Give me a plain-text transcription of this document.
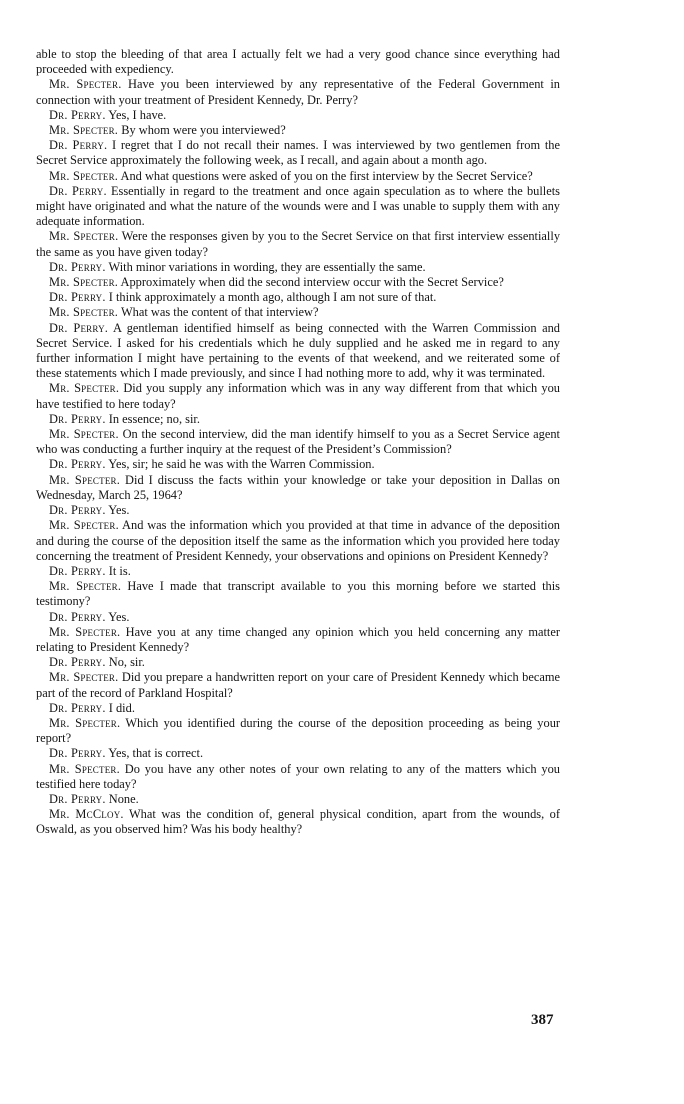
able to stop the bleeding of that area I actually felt we had a very good chance since everything had proceeded with expediency.

Mr. Specter. Have you been interviewed by any representative of the Federal Government in connection with your treatment of President Kennedy, Dr. Perry?

Dr. Perry. Yes, I have.

Mr. Specter. By whom were you interviewed?

Dr. Perry. I regret that I do not recall their names. I was interviewed by two gentlemen from the Secret Service approximately the following week, as I recall, and again about a month ago.

Mr. Specter. And what questions were asked of you on the first interview by the Secret Service?

Dr. Perry. Essentially in regard to the treatment and once again speculation as to where the bullets might have originated and what the nature of the wounds were and I was unable to supply them with any adequate information.

Mr. Specter. Were the responses given by you to the Secret Service on that first interview essentially the same as you have given today?

Dr. Perry. With minor variations in wording, they are essentially the same.

Mr. Specter. Approximately when did the second interview occur with the Secret Service?

Dr. Perry. I think approximately a month ago, although I am not sure of that.

Mr. Specter. What was the content of that interview?

Dr. Perry. A gentleman identified himself as being connected with the Warren Commission and Secret Service. I asked for his credentials which he duly supplied and he asked me in regard to any further information I might have pertaining to the events of that weekend, and we reiterated some of these statements which I made previously, and since I had nothing more to add, why it was terminated.

Mr. Specter. Did you supply any information which was in any way different from that which you have testified to here today?

Dr. Perry. In essence; no, sir.

Mr. Specter. On the second interview, did the man identify himself to you as a Secret Service agent who was conducting a further inquiry at the request of the President’s Commission?

Dr. Perry. Yes, sir; he said he was with the Warren Commission.

Mr. Specter. Did I discuss the facts within your knowledge or take your deposition in Dallas on Wednesday, March 25, 1964?

Dr. Perry. Yes.

Mr. Specter. And was the information which you provided at that time in advance of the deposition and during the course of the deposition itself the same as the information which you provided here today concerning the treatment of President Kennedy, your observations and opinions on President Kennedy?

Dr. Perry. It is.

Mr. Specter. Have I made that transcript available to you this morning before we started this testimony?

Dr. Perry. Yes.

Mr. Specter. Have you at any time changed any opinion which you held concerning any matter relating to President Kennedy?

Dr. Perry. No, sir.

Mr. Specter. Did you prepare a handwritten report on your care of President Kennedy which became part of the record of Parkland Hospital?

Dr. Perry. I did.

Mr. Specter. Which you identified during the course of the deposition proceeding as being your report?

Dr. Perry. Yes, that is correct.

Mr. Specter. Do you have any other notes of your own relating to any of the matters which you testified here today?

Dr. Perry. None.

Mr. McCloy. What was the condition of, general physical condition, apart from the wounds, of Oswald, as you observed him? Was his body healthy?

387
